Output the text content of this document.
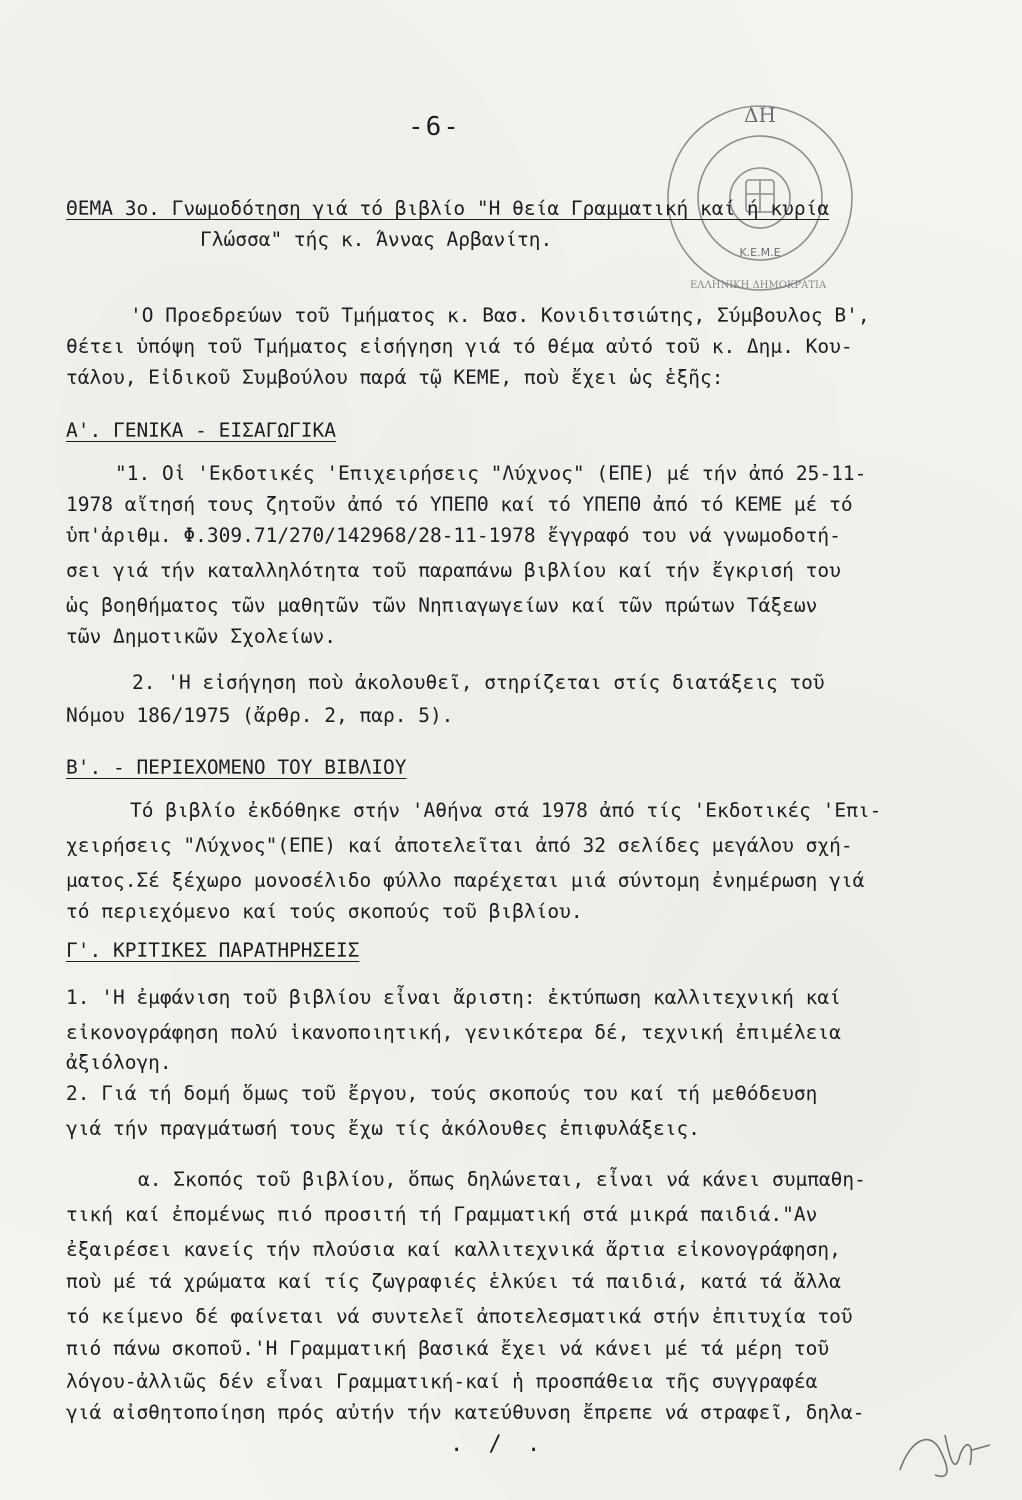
-6-	ΔΗ
Κ.Ε.Μ.Ε
ΕΛΛΗΝΙΚΗ ΔΗΜΟΚΡΑΤΙΑ

ΘΕΜΑ 3ο. Γνωμοδότηση γιά τό βιβλίο "Η θεία Γραμματική καί ή κυρία

Γλώσσα" τής κ. Άννας Αρβανίτη.

'Ο Προεδρεύων τοῦ Τμήματος κ. Βασ. Κονιδιτσιώτης, Σύμβουλος Β',

θέτει ὑπόψη τοῦ Τμήματος εἰσήγηση γιά τό θέμα αὐτό τοῦ κ. Δημ. Κου-

τάλου, Εἰδικοῦ Συμβούλου παρά τῷ ΚΕΜΕ, ποὺ ἔχει ὡς ἑξῆς:

Α'. ΓΕΝΙΚΑ - ΕΙΣΑΓΩΓΙΚΑ

"1. Οἱ 'Εκδοτικές 'Επιχειρήσεις "Λύχνος" (ΕΠΕ) μέ τήν ἀπό 25-11-

1978 αἴτησή τους ζητοῦν ἀπό τό ΥΠΕΠΘ καί τό ΥΠΕΠΘ ἀπό τό ΚΕΜΕ μέ τό

ὑπ'ἀριθμ. Φ.309.71/270/142968/28-11-1978 ἔγγραφό του νά γνωμοδοτή-

σει γιά τήν καταλληλότητα τοῦ παραπάνω βιβλίου καί τήν ἔγκρισή του

ὡς βοηθήματος τῶν μαθητῶν τῶν Νηπιαγωγείων καί τῶν πρώτων Τάξεων

τῶν Δημοτικῶν Σχολείων.

2. 'Η εἰσήγηση ποὺ ἀκολουθεῖ, στηρίζεται στίς διατάξεις τοῦ

Νόμου 186/1975 (ἄρθρ. 2, παρ. 5).

Β'. - ΠΕΡΙΕΧΟΜΕΝΟ ΤΟΥ ΒΙΒΛΙΟΥ

Τό βιβλίο ἐκδόθηκε στήν 'Αθήνα στά 1978 ἀπό τίς 'Εκδοτικές 'Επι-

χειρήσεις "Λύχνος"(ΕΠΕ) καί ἀποτελεῖται ἀπό 32 σελίδες μεγάλου σχή-

ματος.Σέ ξέχωρο μονοσέλιδο φύλλο παρέχεται μιά σύντομη ἐνημέρωση γιά

τό περιεχόμενο καί τούς σκοπούς τοῦ βιβλίου.

Γ'. ΚΡΙΤΙΚΕΣ ΠΑΡΑΤΗΡΗΣΕΙΣ

1. 'Η ἐμφάνιση τοῦ βιβλίου εἶναι ἄριστη: ἐκτύπωση καλλιτεχνική καί

εἰκονογράφηση πολύ ἱκανοποιητική, γενικότερα δέ, τεχνική ἐπιμέλεια

ἀξιόλογη.

2. Γιά τή δομή ὅμως τοῦ ἔργου, τούς σκοπούς του καί τή μεθόδευση

γιά τήν πραγμάτωσή τους ἔχω τίς ἀκόλουθες ἐπιφυλάξεις.

α. Σκοπός τοῦ βιβλίου, ὅπως δηλώνεται, εἶναι νά κάνει συμπαθη-

τική καί ἐπομένως πιό προσιτή τή Γραμματική στά μικρά παιδιά."Αν

ἐξαιρέσει κανείς τήν πλούσια καί καλλιτεχνικά ἄρτια εἰκονογράφηση,

ποὺ μέ τά χρώματα καί τίς ζωγραφιές ἑλκύει τά παιδιά, κατά τά ἄλλα

τό κείμενο δέ φαίνεται νά συντελεῖ ἀποτελεσματικά στήν ἐπιτυχία τοῦ

πιό πάνω σκοποῦ.'Η Γραμματική βασικά ἔχει νά κάνει μέ τά μέρη τοῦ

λόγου-ἀλλιῶς δέν εἶναι Γραμματική-καί ἡ προσπάθεια τῆς συγγραφέα

γιά αἰσθητοποίηση πρός αὐτήν τήν κατεύθυνση ἔπρεπε νά στραφεῖ, δηλα-

. / .
